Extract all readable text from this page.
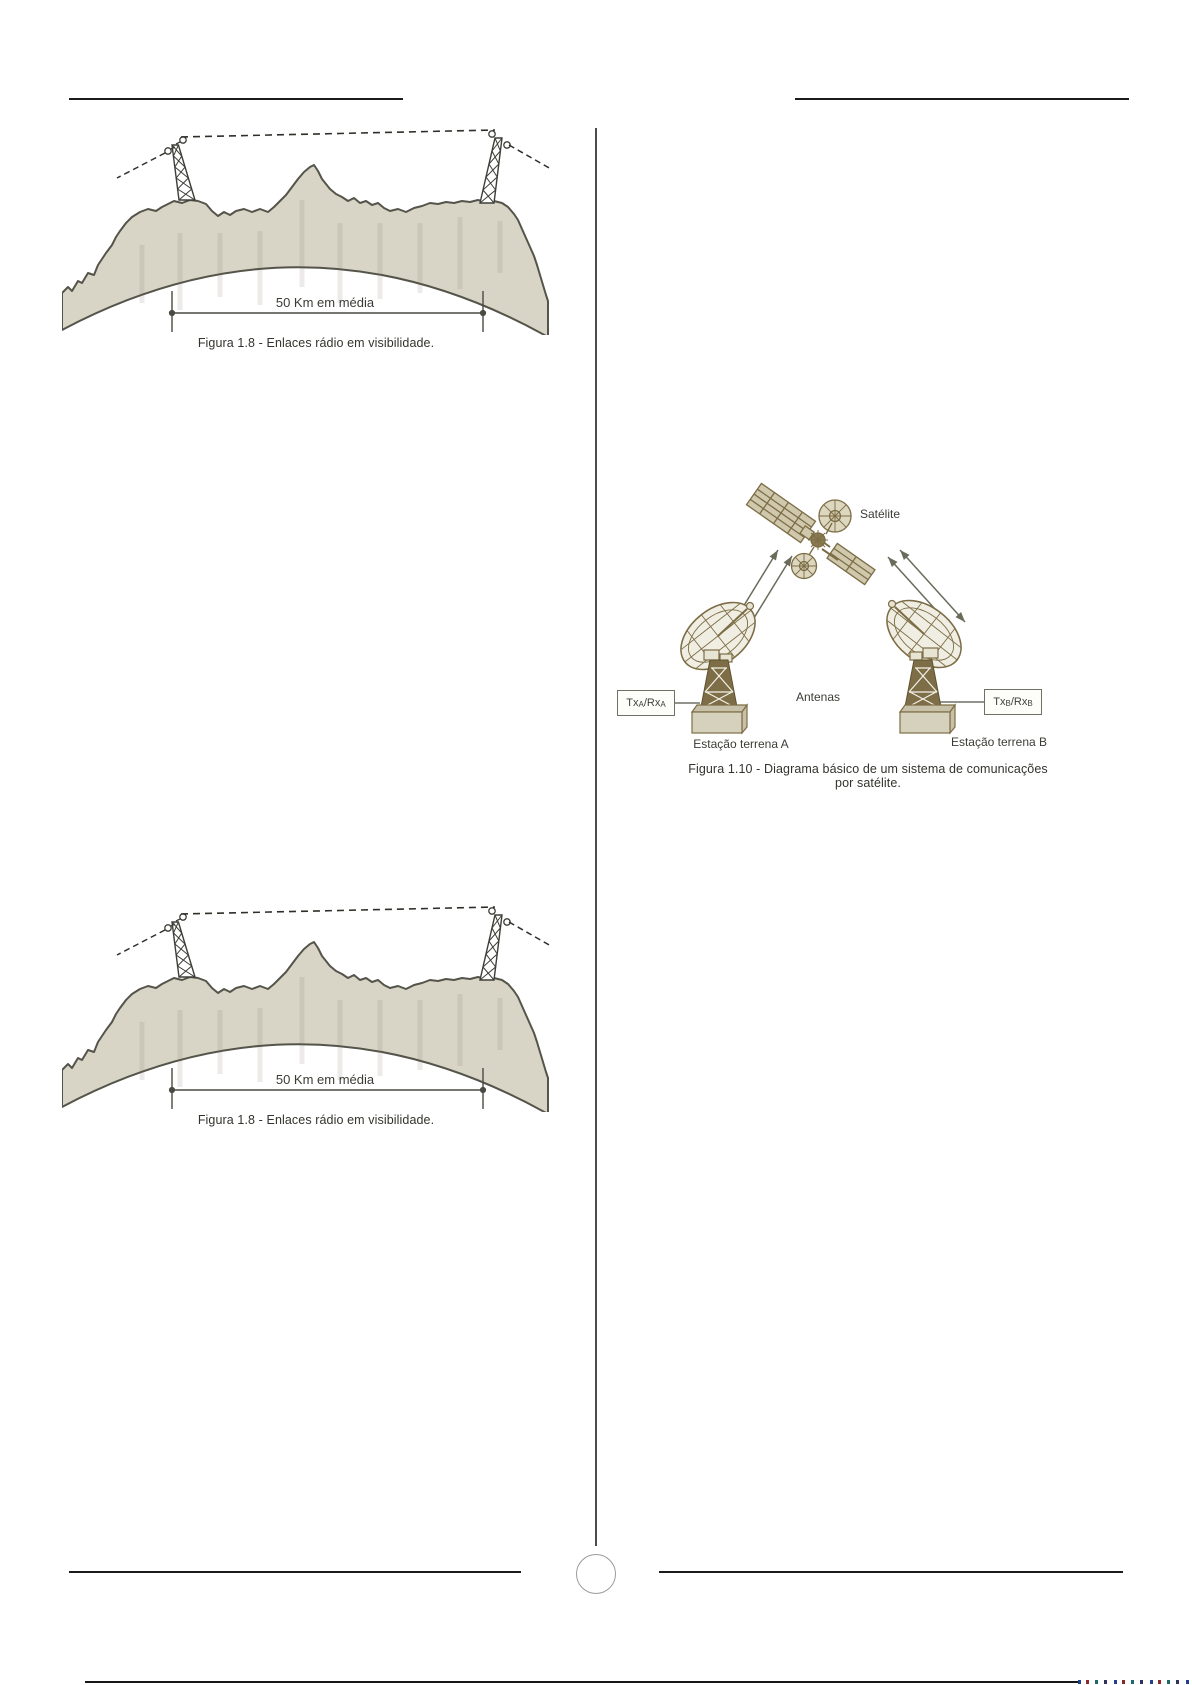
50 Km em média
Figura 1.8 - Enlaces rádio em visibilidade.
Satélite
Antenas
Tx A /Rx A	Tx B /Rx B
Estação terrena A	Estação terrena B
Figura 1.10 - Diagrama básico de um sistema de comunicações por satélite.
50 Km em média
Figura 1.8 - Enlaces rádio em visibilidade.
